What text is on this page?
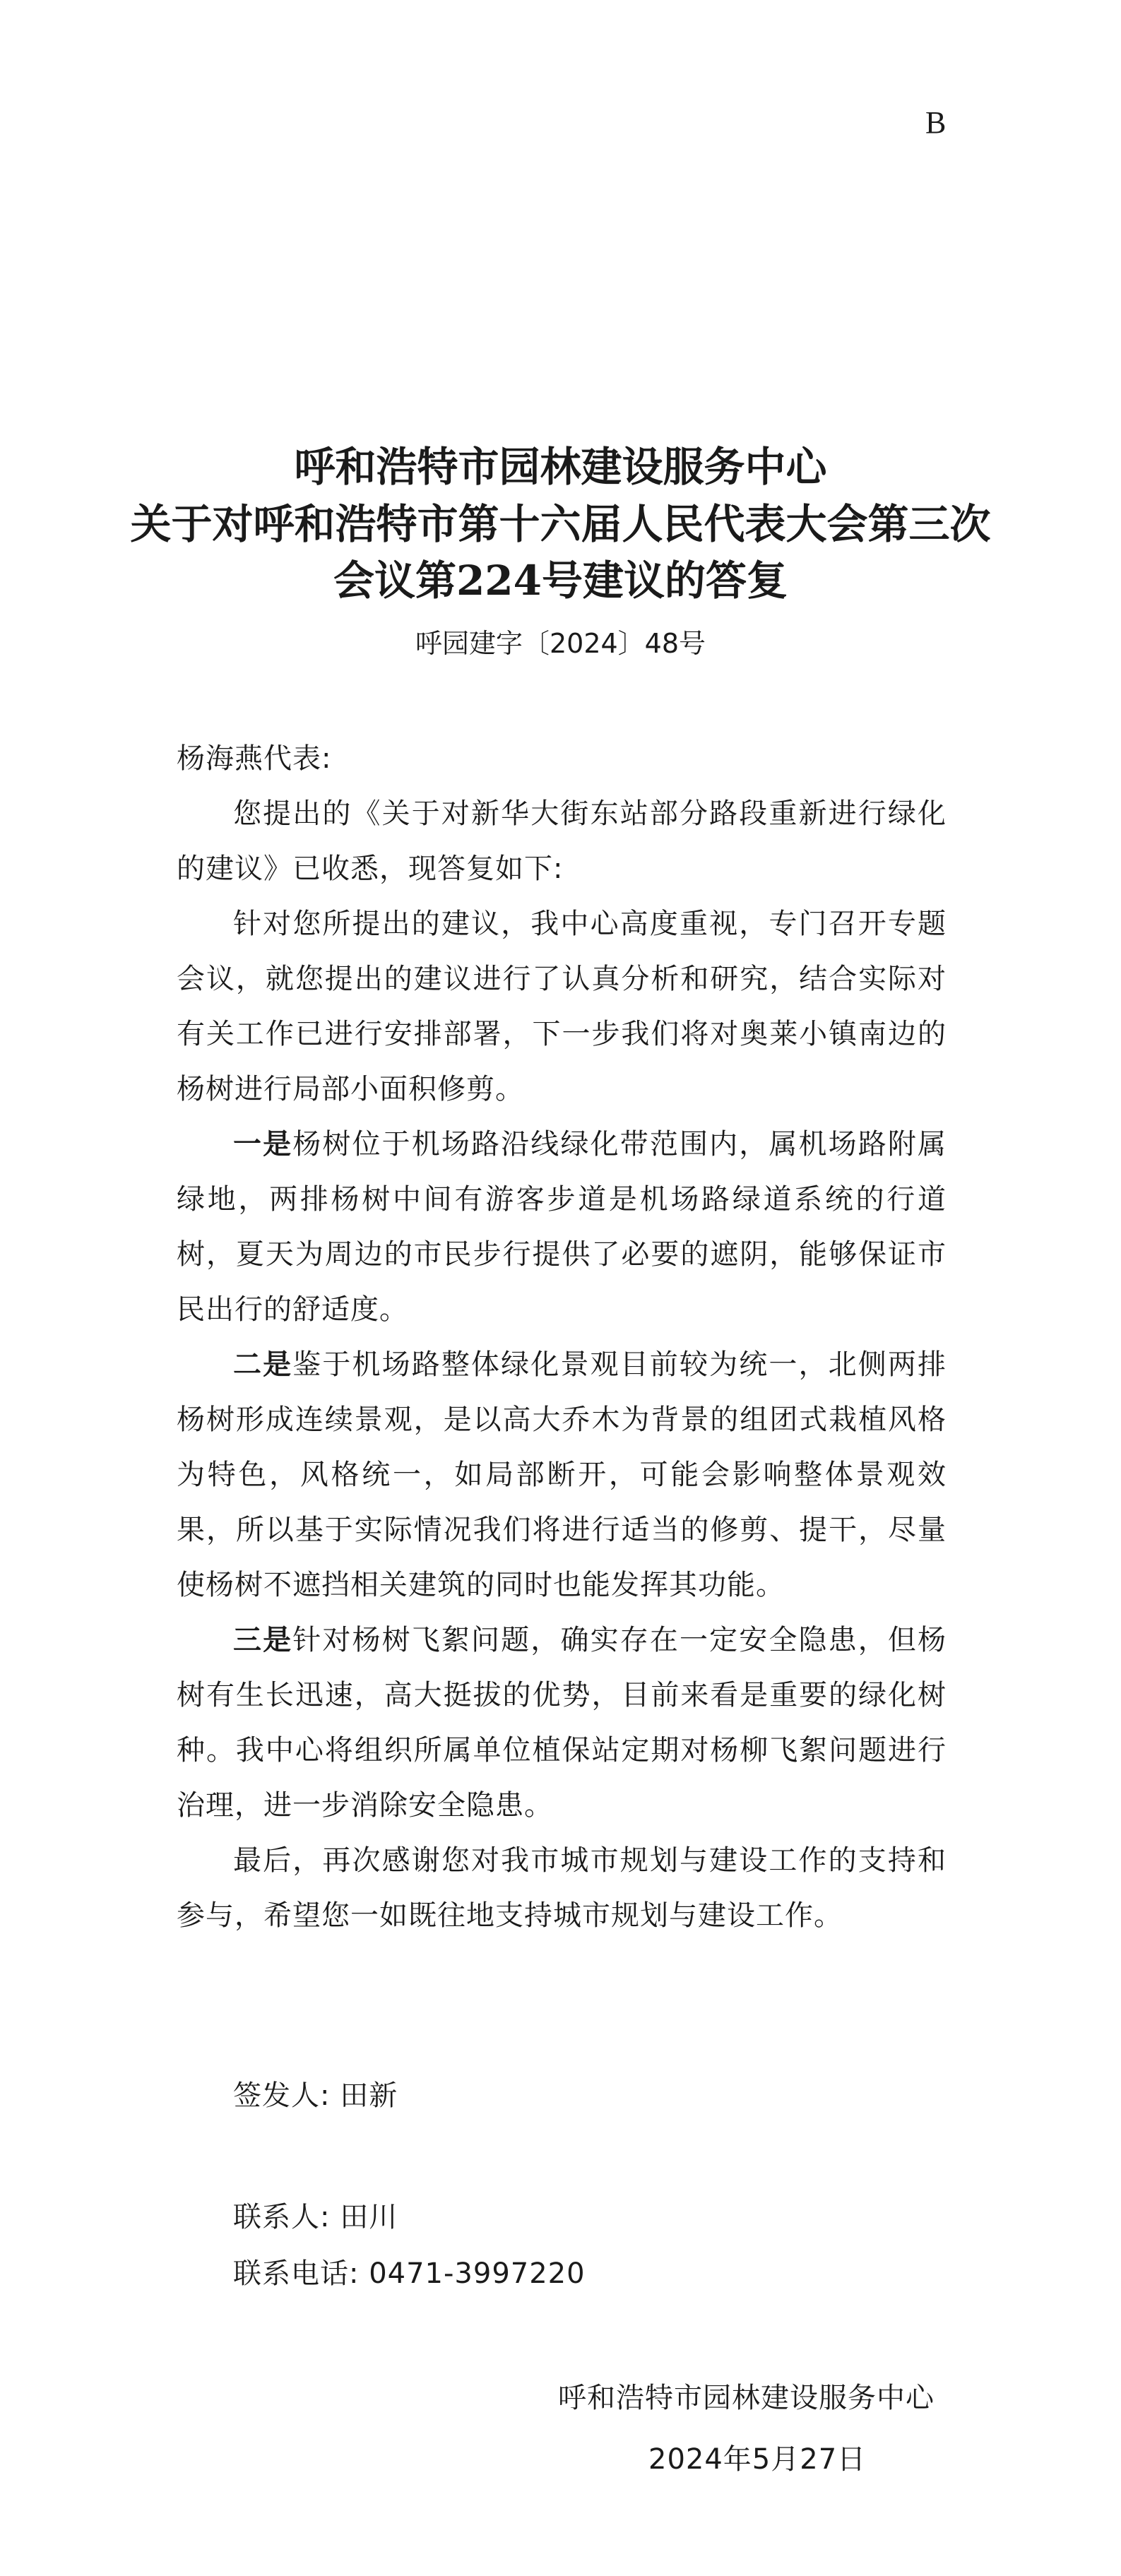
B
呼和浩特市园林建设服务中心
关于对呼和浩特市第十六届人民代表大会第三次
会议第224号建议的答复
呼园建字〔2024〕48号
杨海燕代表:

您提出的《关于对新华大街东站部分路段重新进行绿化的建议》已收悉，现答复如下:

针对您所提出的建议，我中心高度重视，专门召开专题会议，就您提出的建议进行了认真分析和研究，结合实际对有关工作已进行安排部署，下一步我们将对奥莱小镇南边的杨树进行局部小面积修剪。

一是杨树位于机场路沿线绿化带范围内，属机场路附属绿地，两排杨树中间有游客步道是机场路绿道系统的行道树，夏天为周边的市民步行提供了必要的遮阴，能够保证市民出行的舒适度。

二是鉴于机场路整体绿化景观目前较为统一，北侧两排杨树形成连续景观，是以高大乔木为背景的组团式栽植风格为特色，风格统一，如局部断开，可能会影响整体景观效果，所以基于实际情况我们将进行适当的修剪、提干，尽量使杨树不遮挡相关建筑的同时也能发挥其功能。

三是针对杨树飞絮问题，确实存在一定安全隐患，但杨树有生长迅速，高大挺拔的优势，目前来看是重要的绿化树种。我中心将组织所属单位植保站定期对杨柳飞絮问题进行治理，进一步消除安全隐患。

最后，再次感谢您对我市城市规划与建设工作的支持和参与，希望您一如既往地支持城市规划与建设工作。

签发人: 田新
联系人: 田川
联系电话: 0471-3997220
呼和浩特市园林建设服务中心
2024年5月27日
